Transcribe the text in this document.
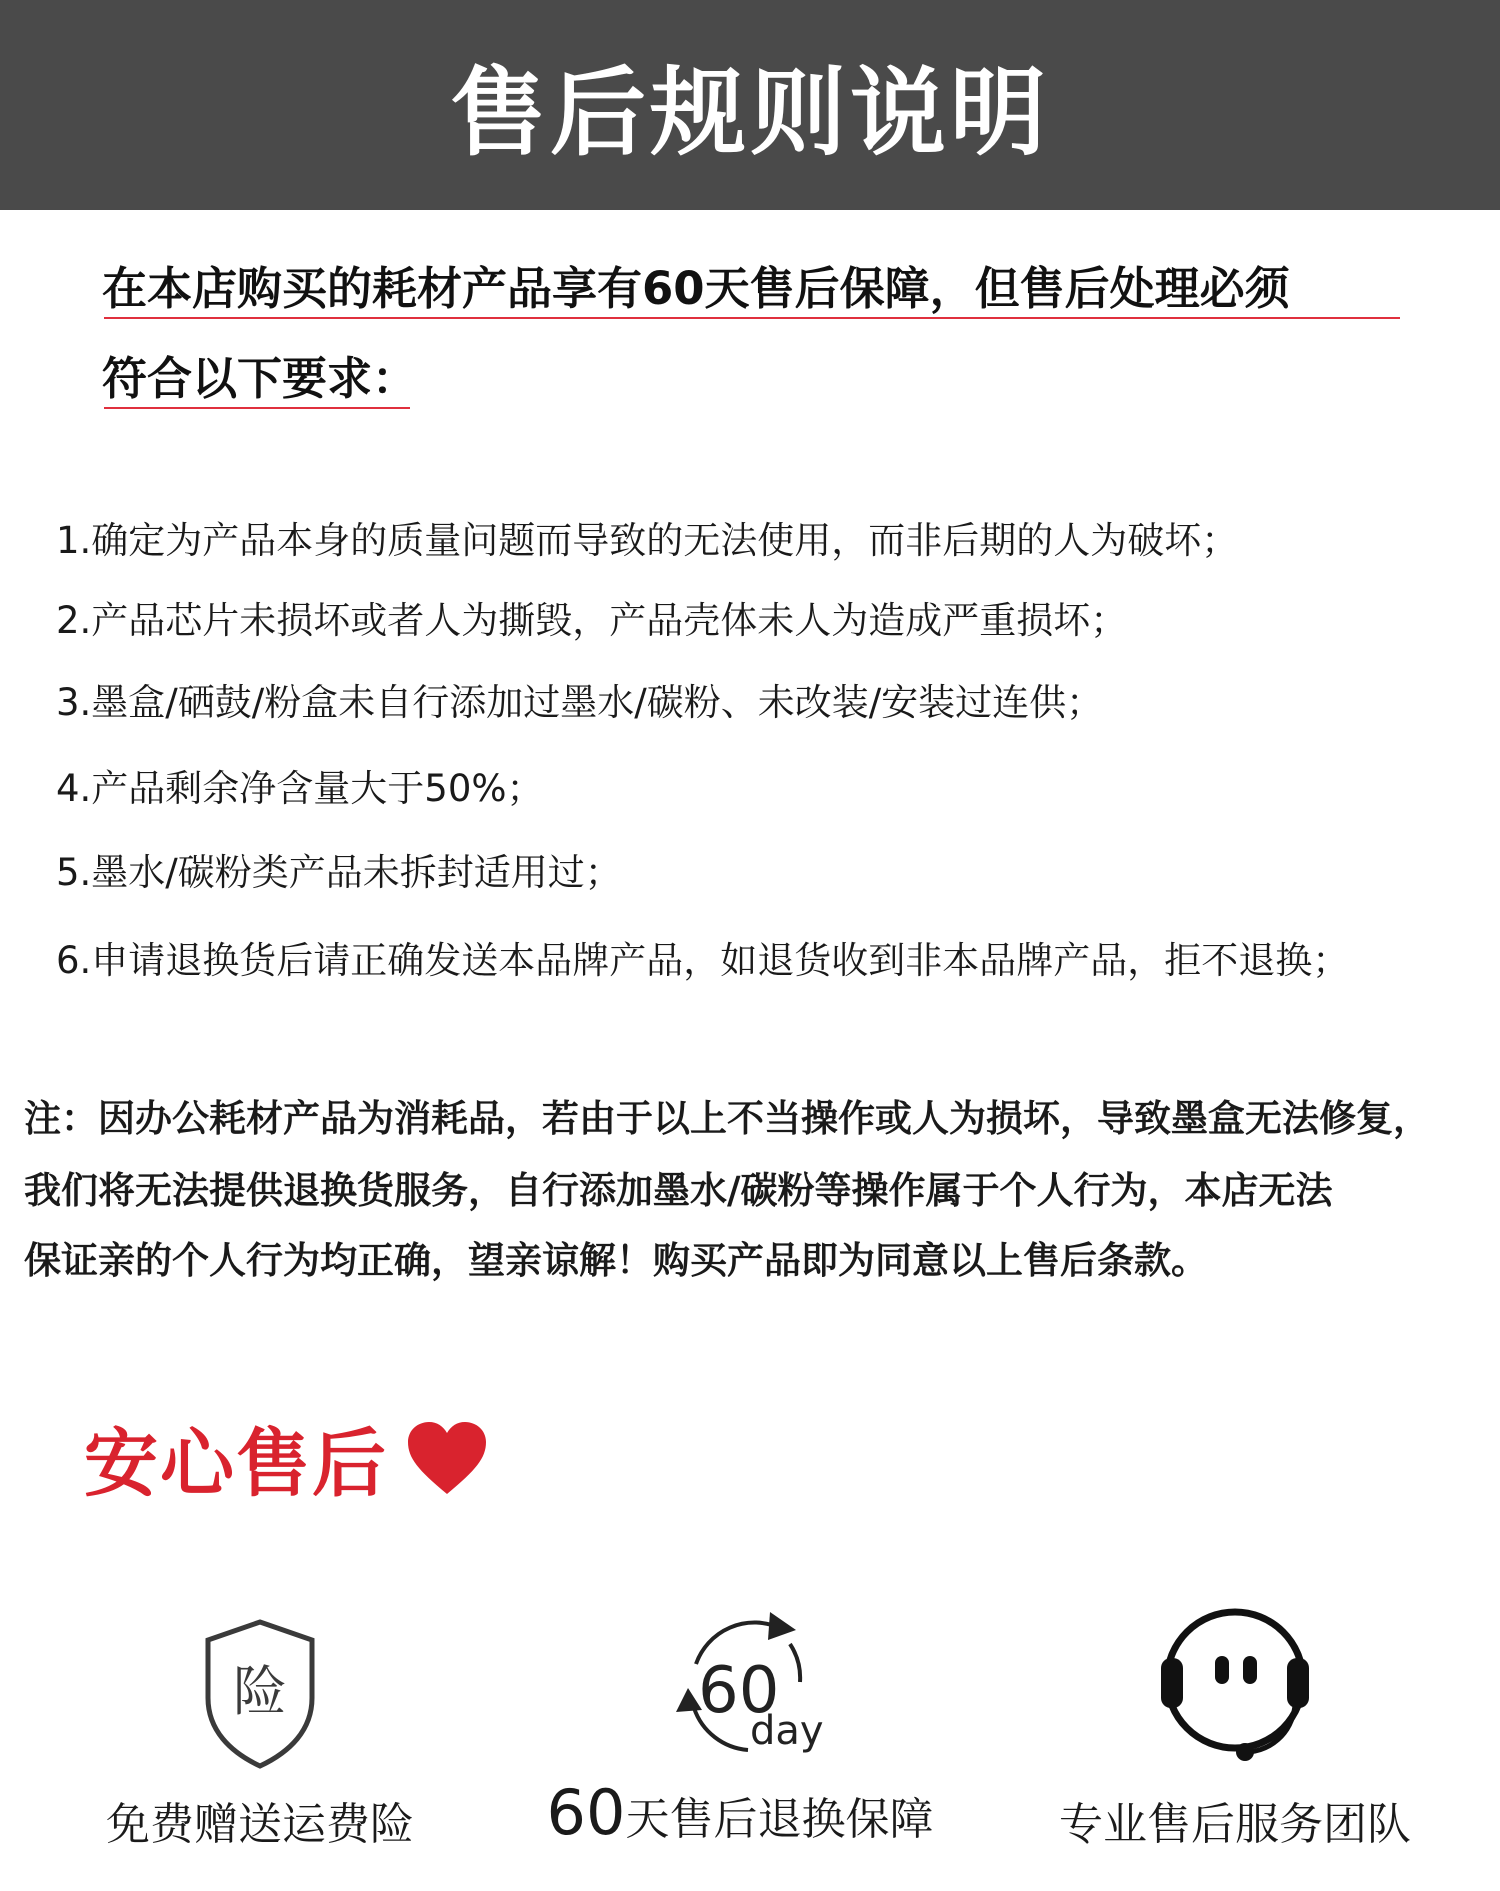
售后规则说明

在本店购买的耗材产品享有60天售后保障，但售后处理必须

符合以下要求：

1.确定为产品本身的质量问题而导致的无法使用，而非后期的人为破坏；

2.产品芯片未损坏或者人为撕毁，产品壳体未人为造成严重损坏；

3.墨盒/硒鼓/粉盒未自行添加过墨水/碳粉、未改装/安装过连供；

4.产品剩余净含量大于50%；

5.墨水/碳粉类产品未拆封适用过；

6.申请退换货后请正确发送本品牌产品，如退货收到非本品牌产品，拒不退换；

注：因办公耗材产品为消耗品，若由于以上不当操作或人为损坏，导致墨盒无法修复，

我们将无法提供退换货服务，自行添加墨水/碳粉等操作属于个人行为，本店无法

保证亲的个人行为均正确，望亲谅解！购买产品即为同意以上售后条款。

安心售后
险
免费赠送运费险
60
day
60天售后退换保障	专业售后服务团队
